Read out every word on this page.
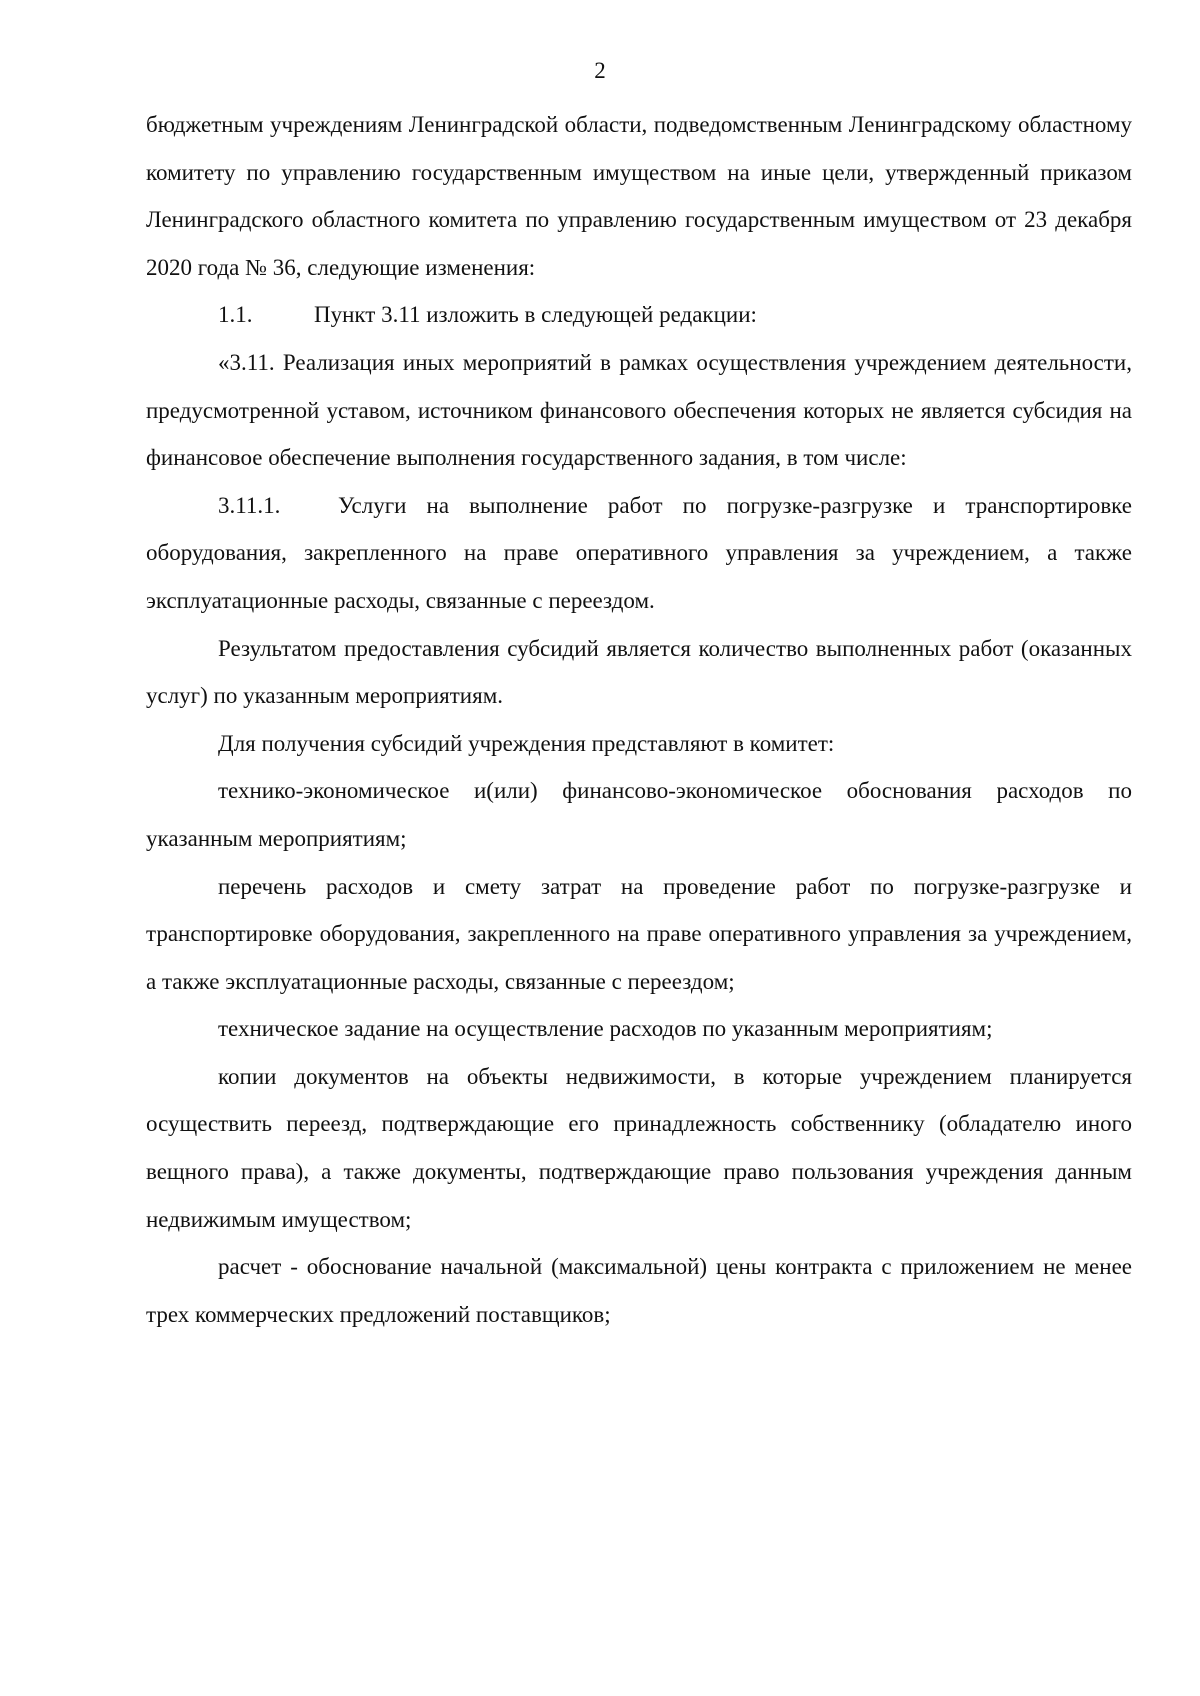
2

бюджетным учреждениям Ленинградской области, подведомственным Ленинградскому областному комитету по управлению государственным имуществом на иные цели, утвержденный приказом Ленинградского областного комитета по управлению государственным имуществом от 23 декабря 2020 года № 36, следующие изменения:

1.1.	Пункт 3.11 изложить в следующей редакции:

«3.11. Реализация иных мероприятий в рамках осуществления учреждением деятельности, предусмотренной уставом, источником финансового обеспечения которых не является субсидия на финансовое обеспечение выполнения государственного задания, в том числе:

3.11.1.	Услуги на выполнение работ по погрузке-разгрузке и транспортировке оборудования, закрепленного на праве оперативного управления за учреждением, а также эксплуатационные расходы, связанные с переездом.

Результатом предоставления субсидий является количество выполненных работ (оказанных услуг) по указанным мероприятиям.

Для получения субсидий учреждения представляют в комитет:

технико-экономическое и(или) финансово-экономическое обоснования расходов по указанным мероприятиям;

перечень расходов и смету затрат на проведение работ по погрузке-разгрузке и транспортировке оборудования, закрепленного на праве оперативного управления за учреждением, а также эксплуатационные расходы, связанные с переездом;

техническое задание на осуществление расходов по указанным мероприятиям;

копии документов на объекты недвижимости, в которые учреждением планируется осуществить переезд, подтверждающие его принадлежность собственнику (обладателю иного вещного права), а также документы, подтверждающие право пользования учреждения данным недвижимым имуществом;

расчет - обоснование начальной (максимальной) цены контракта с приложением не менее трех коммерческих предложений поставщиков;
